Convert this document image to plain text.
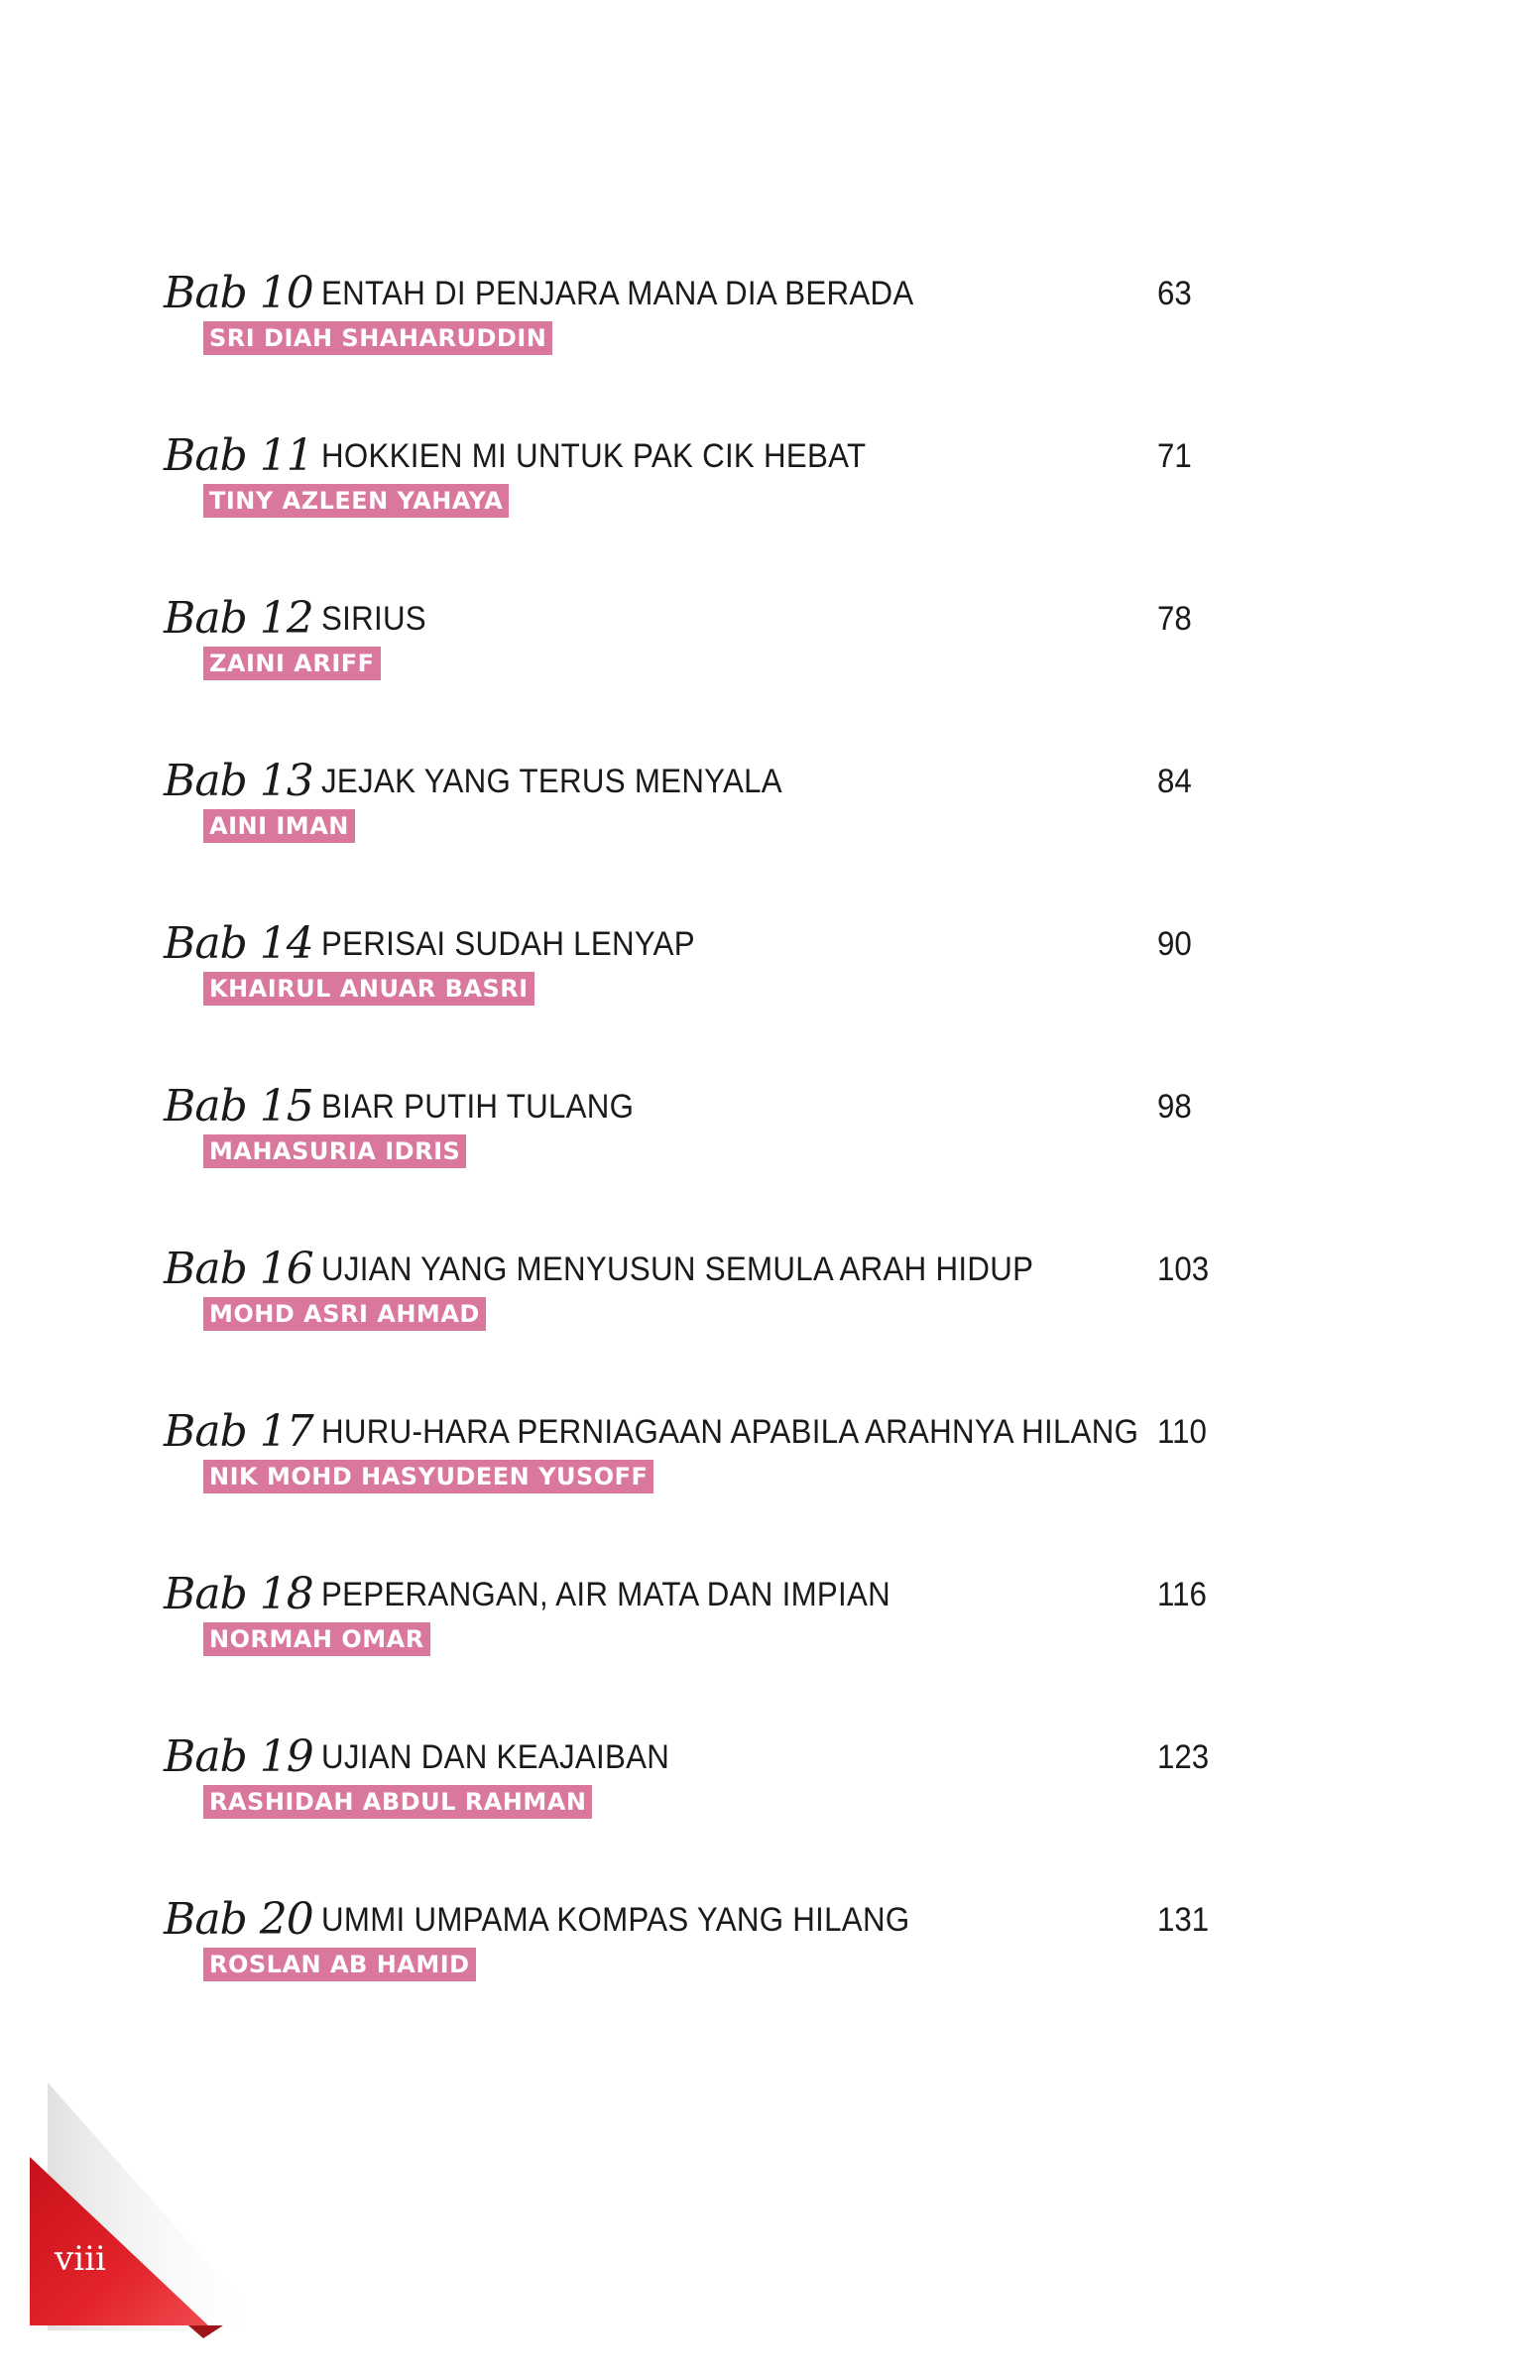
Bab 10 ENTAH DI PENJARA MANA DIA BERADA	63
SRI DIAH SHAHARUDDIN
Bab 11 HOKKIEN MI UNTUK PAK CIK HEBAT	71
TINY AZLEEN YAHAYA
Bab 12 SIRIUS	78
ZAINI ARIFF
Bab 13 JEJAK YANG TERUS MENYALA	84
AINI IMAN
Bab 14 PERISAI SUDAH LENYAP	90
KHAIRUL ANUAR BASRI
Bab 15 BIAR PUTIH TULANG	98
MAHASURIA IDRIS
Bab 16 UJIAN YANG MENYUSUN SEMULA ARAH HIDUP	103
MOHD ASRI AHMAD
Bab 17 HURU-HARA PERNIAGAAN APABILA ARAHNYA HILANG 110
NIK MOHD HASYUDEEN YUSOFF
Bab 18 PEPERANGAN, AIR MATA DAN IMPIAN	116
NORMAH OMAR
Bab 19 UJIAN DAN KEAJAIBAN	123
RASHIDAH ABDUL RAHMAN
Bab 20 UMMI UMPAMA KOMPAS YANG HILANG	131
ROSLAN AB HAMID
viii
